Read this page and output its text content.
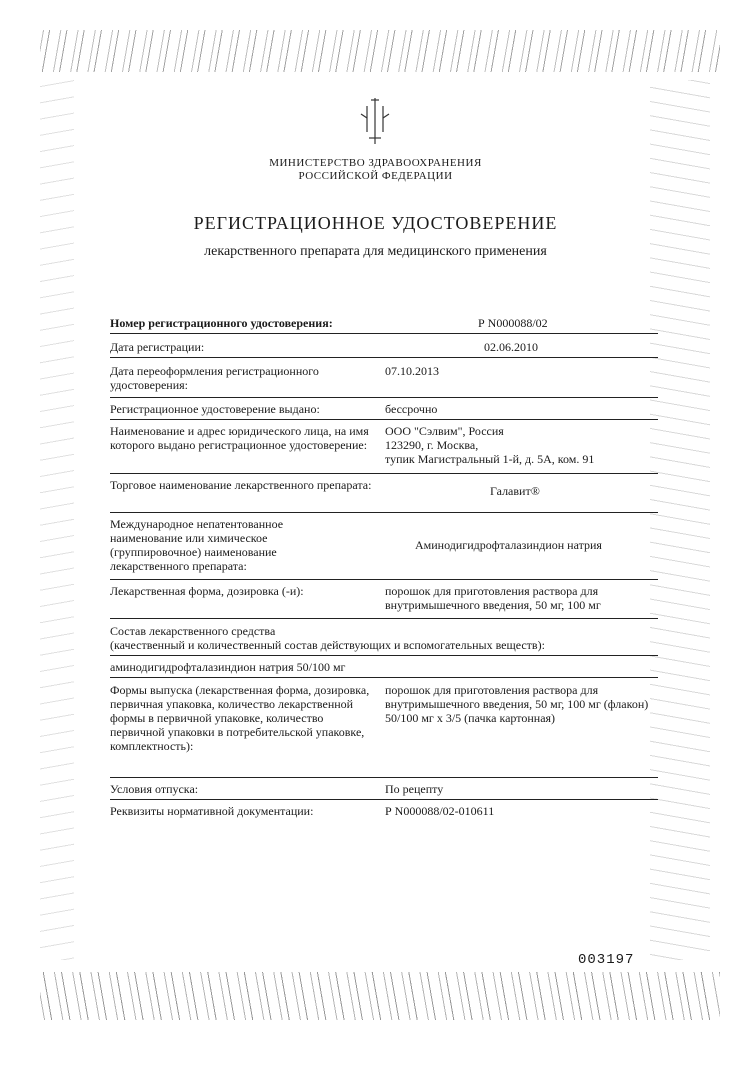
МИНИСТЕРСТВО ЗДРАВООХРАНЕНИЯ
РОССИЙСКОЙ ФЕДЕРАЦИИ
РЕГИСТРАЦИОННОЕ УДОСТОВЕРЕНИЕ
лекарственного препарата для медицинского применения
Номер регистрационного удостоверения:	Р N000088/02
Дата регистрации:	02.06.2010
Дата переоформления регистрационного удостоверения:
07.10.2013
Регистрационное удостоверение выдано:	бессрочно
Наименование и адрес юридического лица, на имя которого выдано регистрационное удостоверение:
ООО "Сэлвим", Россия
123290, г. Москва,
тупик Магистральный 1-й, д. 5А, ком. 91
Торговое наименование лекарственного препарата:	Галавит®
Международное непатентованное наименование или химическое (группировочное) наименование лекарственного препарата:
Аминодигидрофталазиндион натрия
Лекарственная форма, дозировка (-и):	порошок для приготовления раствора для внутримышечного введения, 50 мг, 100 мг
Состав лекарственного средства
(качественный и количественный состав действующих и вспомогательных веществ):
аминодигидрофталазиндион натрия 50/100 мг
Формы выпуска (лекарственная форма, дозировка, первичная упаковка, количество лекарственной формы в первичной упаковке, количество первичной упаковки в потребительской упаковке, комплектность):
порошок для приготовления раствора для внутримышечного введения, 50 мг, 100 мг (флакон) 50/100 мг x 3/5 (пачка картонная)
Условия отпуска:	По рецепту
Реквизиты нормативной документации:	Р N000088/02-010611
003197
